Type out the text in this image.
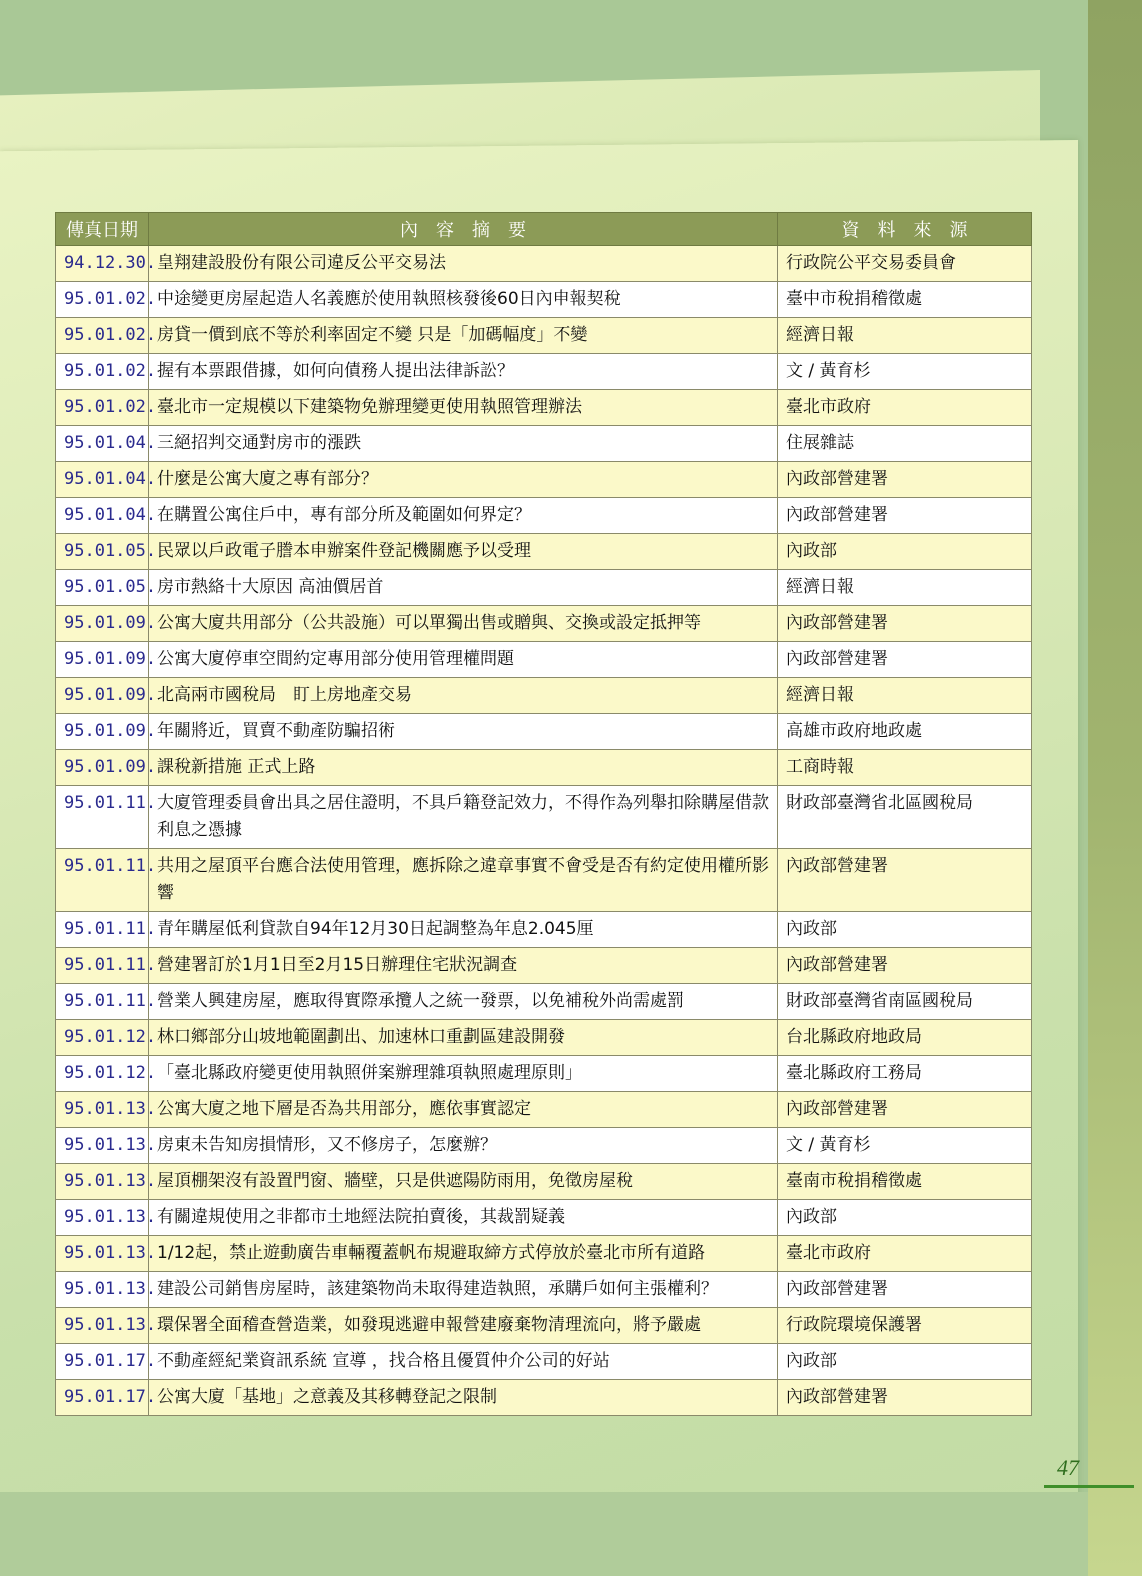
傳真日期	內　容　摘　要	資　料　來　源
94.12.30.	皇翔建設股份有限公司違反公平交易法	行政院公平交易委員會
95.01.02.	中途變更房屋起造人名義應於使用執照核發後60日內申報契稅	臺中市稅捐稽徵處
95.01.02.	房貸一價到底不等於利率固定不變 只是「加碼幅度」不變	經濟日報
95.01.02.	握有本票跟借據，如何向債務人提出法律訴訟？	文 / 黃育杉
95.01.02.	臺北市一定規模以下建築物免辦理變更使用執照管理辦法	臺北市政府
95.01.04.	三絕招判交通對房市的漲跌	住展雜誌
95.01.04.	什麼是公寓大廈之專有部分？	內政部營建署
95.01.04.	在購置公寓住戶中，專有部分所及範圍如何界定？	內政部營建署
95.01.05.	民眾以戶政電子謄本申辦案件登記機關應予以受理	內政部
95.01.05.	房市熱絡十大原因 高油價居首	經濟日報
95.01.09.	公寓大廈共用部分（公共設施）可以單獨出售或贈與、交換或設定抵押等	內政部營建署
95.01.09.	公寓大廈停車空間約定專用部分使用管理權問題	內政部營建署
95.01.09.	北高兩市國稅局　盯上房地產交易	經濟日報
95.01.09.	年關將近，買賣不動產防騙招術	高雄市政府地政處
95.01.09.	課稅新措施 正式上路	工商時報
95.01.11.	大廈管理委員會出具之居住證明，不具戶籍登記效力，不得作為列舉扣除購屋借款利息之憑據	財政部臺灣省北區國稅局
95.01.11.	共用之屋頂平台應合法使用管理，應拆除之違章事實不會受是否有約定使用權所影響	內政部營建署
95.01.11.	青年購屋低利貸款自94年12月30日起調整為年息2.045厘	內政部
95.01.11.	營建署訂於1月1日至2月15日辦理住宅狀況調查	內政部營建署
95.01.11.	營業人興建房屋，應取得實際承攬人之統一發票，以免補稅外尚需處罰	財政部臺灣省南區國稅局
95.01.12.	林口鄉部分山坡地範圍劃出、加速林口重劃區建設開發	台北縣政府地政局
95.01.12.	「臺北縣政府變更使用執照併案辦理雜項執照處理原則」	臺北縣政府工務局
95.01.13.	公寓大廈之地下層是否為共用部分，應依事實認定	內政部營建署
95.01.13.	房東未告知房損情形，又不修房子，怎麼辦？	文 / 黃育杉
95.01.13.	屋頂棚架沒有設置門窗、牆壁，只是供遮陽防雨用，免徵房屋稅	臺南市稅捐稽徵處
95.01.13.	有關違規使用之非都市土地經法院拍賣後，其裁罰疑義	內政部
95.01.13.	1/12起，禁止遊動廣告車輛覆蓋帆布規避取締方式停放於臺北市所有道路	臺北市政府
95.01.13.	建設公司銷售房屋時，該建築物尚未取得建造執照，承購戶如何主張權利？	內政部營建署
95.01.13.	環保署全面稽查營造業，如發現逃避申報營建廢棄物清理流向，將予嚴處	行政院環境保護署
95.01.17.	不動產經紀業資訊系統 宣導 ，找合格且優質仲介公司的好站	內政部
95.01.17.	公寓大廈「基地」之意義及其移轉登記之限制	內政部營建署
47
